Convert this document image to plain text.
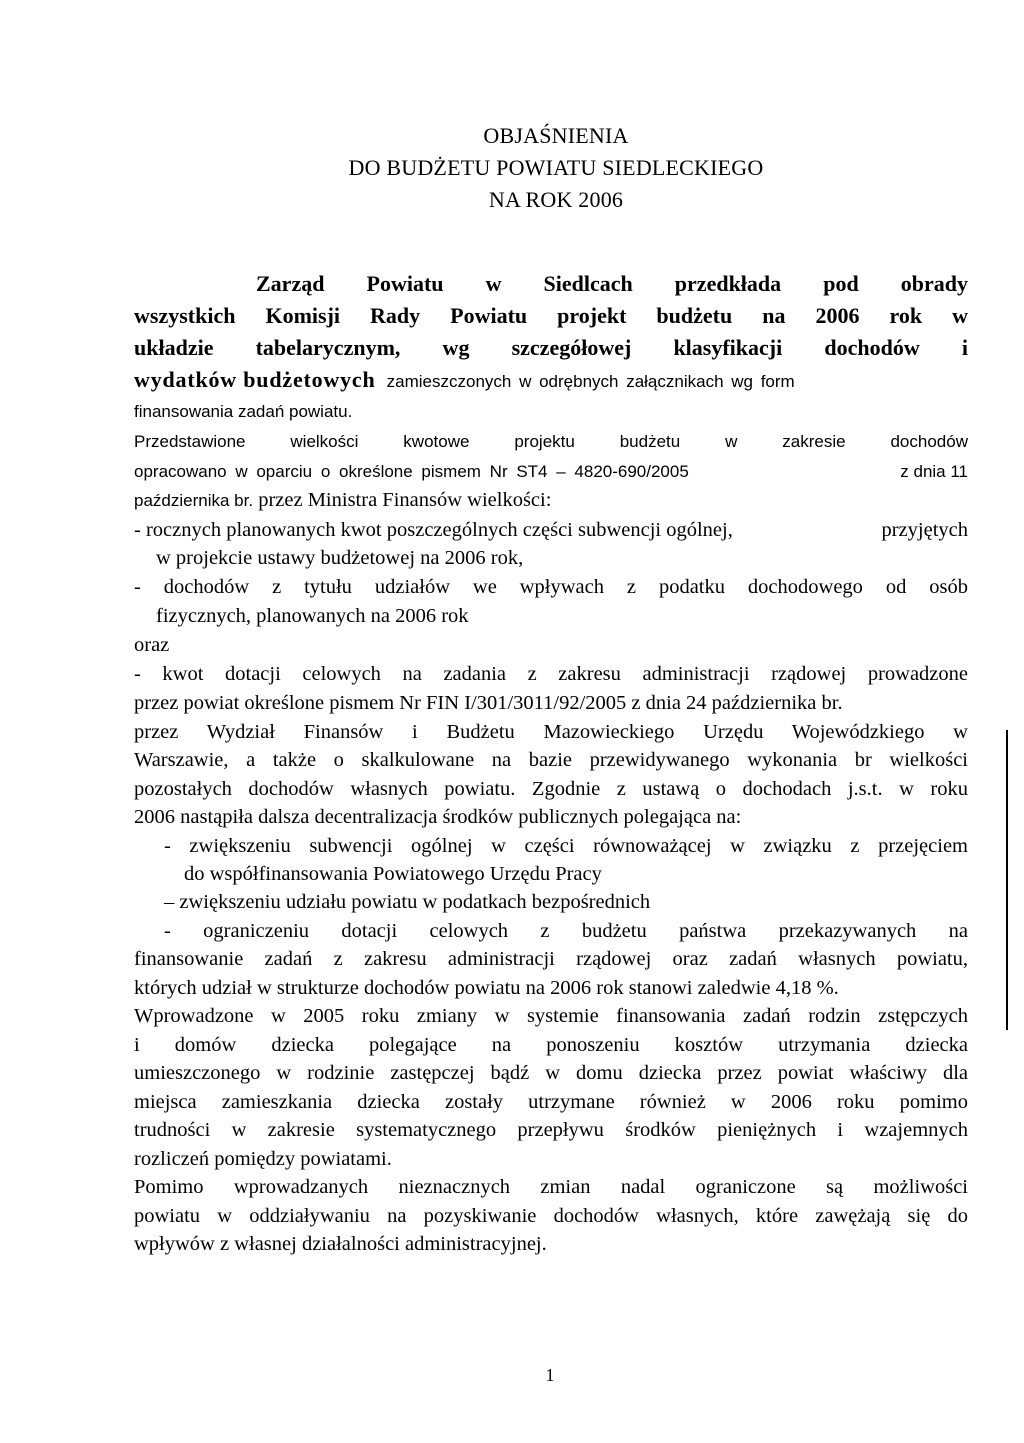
OBJAŚNIENIA
DO BUDŻETU POWIATU SIEDLECKIEGO
NA ROK 2006
Zarząd Powiatu w Siedlcach przedkłada pod obrady
wszystkich Komisji Rady Powiatu projekt budżetu na 2006 rok w
układzie tabelarycznym, wg szczegółowej klasyfikacji dochodów i
wydatków budżetowych zamieszczonych w odrębnych załącznikach wg form
finansowania zadań powiatu.
Przedstawione wielkości kwotowe projektu budżetu w zakresie dochodów
opracowano w oparciu o określone pismem Nr ST4 – 4820-690/2005	z dnia 11
października br. przez Ministra Finansów wielkości:
- rocznych planowanych kwot poszczególnych części subwencji ogólnej,	przyjętych
w projekcie ustawy budżetowej na 2006 rok,
- dochodów z tytułu udziałów we wpływach z podatku dochodowego od osób
fizycznych, planowanych na 2006 rok
oraz
- kwot dotacji celowych na zadania z zakresu administracji rządowej prowadzone
przez powiat określone pismem Nr FIN I/301/3011/92/2005 z dnia 24 października br.
przez Wydział Finansów i Budżetu Mazowieckiego Urzędu Wojewódzkiego w
Warszawie, a także o skalkulowane na bazie przewidywanego wykonania br wielkości
pozostałych dochodów własnych powiatu. Zgodnie z ustawą o dochodach j.s.t. w roku
2006 nastąpiła dalsza decentralizacja środków publicznych polegająca na:
- zwiększeniu subwencji ogólnej w części równoważącej w związku z przejęciem
do współfinansowania Powiatowego Urzędu Pracy
– zwiększeniu udziału powiatu w podatkach bezpośrednich
- ograniczeniu dotacji celowych z budżetu państwa przekazywanych na
finansowanie zadań z zakresu administracji rządowej oraz zadań własnych powiatu,
których udział w strukturze dochodów powiatu na 2006 rok stanowi zaledwie 4,18 %.
Wprowadzone w 2005 roku zmiany w systemie finansowania zadań rodzin zstępczych
i domów dziecka polegające na ponoszeniu kosztów utrzymania dziecka
umieszczonego w rodzinie zastępczej bądź w domu dziecka przez powiat właściwy dla
miejsca zamieszkania dziecka zostały utrzymane również w 2006 roku pomimo
trudności w zakresie systematycznego przepływu środków pieniężnych i wzajemnych
rozliczeń pomiędzy powiatami.
Pomimo wprowadzanych nieznacznych zmian nadal ograniczone są możliwości
powiatu w oddziaływaniu na pozyskiwanie dochodów własnych, które zawężają się do
wpływów z własnej działalności administracyjnej.
1
